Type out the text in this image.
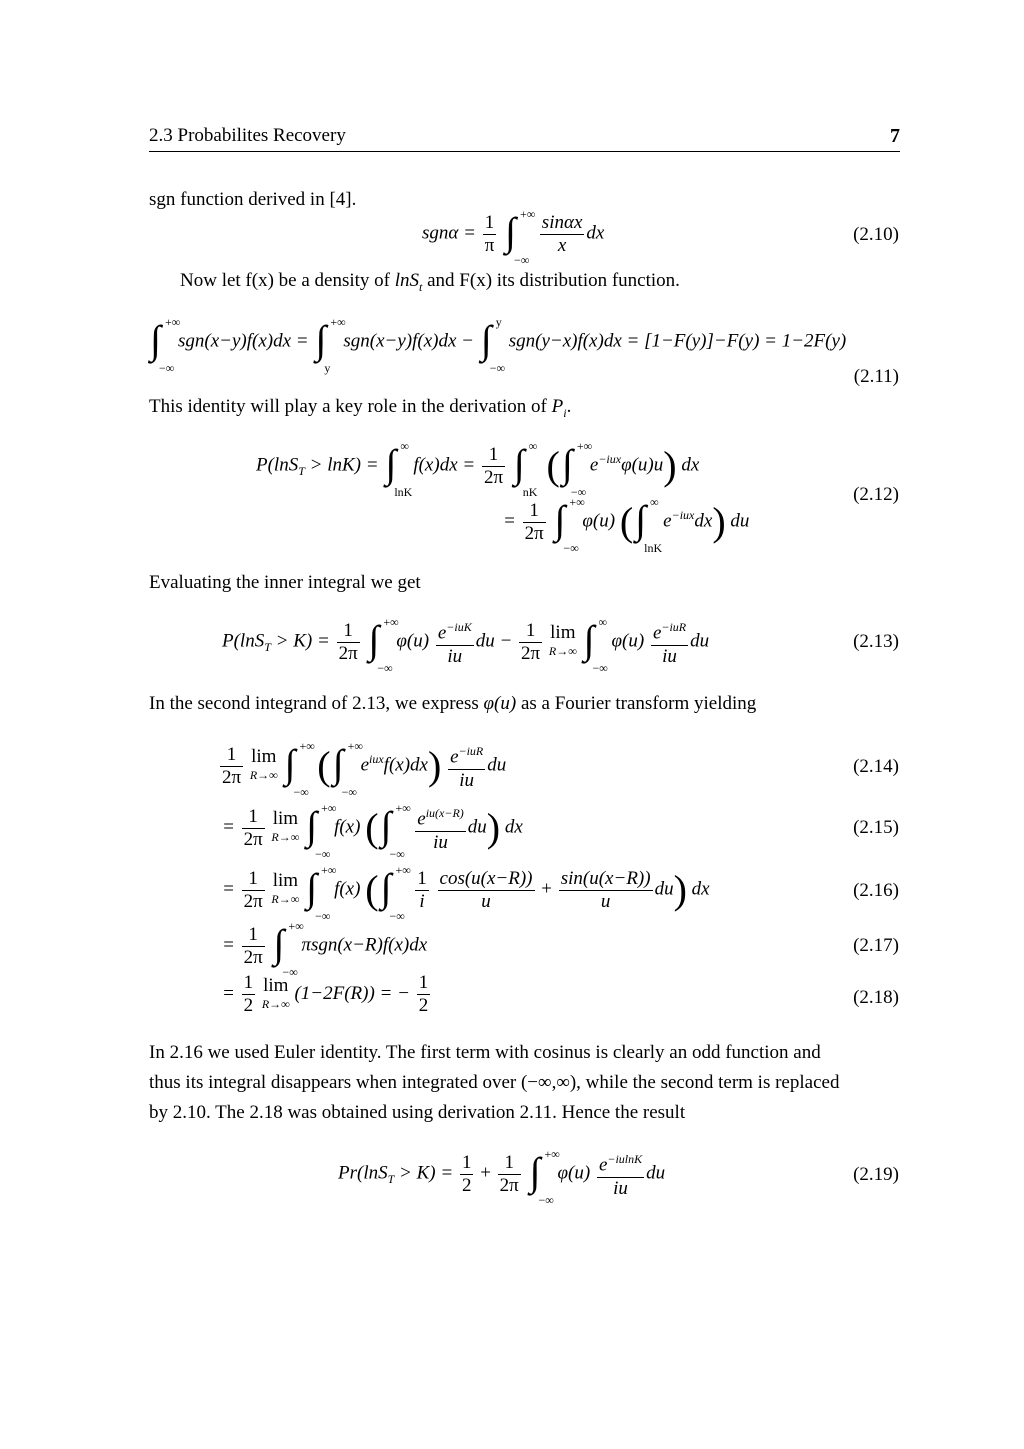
2.3 Probabilites Recovery	7
sgn function derived in [4].
$sgn\alpha = \frac{1}{\pi}$
∫ +∞
−∞

$\frac{\sin\alpha x}{x}$ dx	(2.10)
Now let f(x) be a density of lnS$_t$ and F(x) its distribution function.
∫ +∞
−∞
sgn(x−y)f(x)dx = ∫ +∞
y
sgn(x−y)f(x)dx − ∫ y
−∞
sgn(y−x)f(x)dx = [1−F(y)]−F(y) = 1−2F(y)
(2.11)
This identity will play a key role in the derivation of $P_i$.
P(lnS$_T$ > lnK) = ∫ ∞
lnK
$f(x)dx = \frac{1}{2\pi}$
∫ ∞
nK
( ∫ +∞
−∞
$e^{-iux}\varphi(u)u$) dx
= $\frac{1}{2\pi}$
∫ +∞
−∞
φ(u) ( ∫ ∞
lnK
$e^{-iux}dx$) du
(2.12)
Evaluating the inner integral we get
$P(\ln S_T > K) = \frac{1}{2\pi}$
∫ +∞
−∞
$\varphi(u) \frac{e^{-iuK}}{iu}$ du − $\frac{1}{2\pi}$ lim
R→∞
∫ ∞
−∞
$\varphi(u) \frac{e^{-iuR}}{iu}$ du	(2.13)
In the second integrand of 2.13, we express φ(u) as a Fourier transform yielding
$\frac{1}{2\pi}$ lim
R→∞
∫ +∞
−∞
( ∫ +∞
−∞
$e^{iux}f(x)dx) \frac{e^{-iuR}}{iu}$ du	(2.14)
= $\frac{1}{2\pi}$ lim
R→∞
∫ +∞
−∞
f(x) ( ∫ +∞
−∞

$\frac{e^{iu(x-R)}}{iu} du$) dx	(2.15)
= $\frac{1}{2\pi}$ lim
R→∞
∫ +∞
−∞
f(x) ( ∫ +∞
−∞

$\frac{1}{i}$
$\frac{\cos(u(x-R))}{u} + \frac{\sin(u(x-R))}{u} du$) dx	(2.16)
= $\frac{1}{2\pi}$
∫ +∞
−∞
πsgn(x−R)f(x)dx	(2.17)
= $\frac{1}{2}$ lim
R→∞ (1−2F(R)) = − $\frac{1}{2}$	(2.18)
In 2.16 we used Euler identity. The first term with cosinus is clearly an odd function and
thus its integral disappears when integrated over (−∞,∞), while the second term is replaced
by 2.10. The 2.18 was obtained using derivation 2.11. Hence the result
$Pr(\ln S_T > K) = \frac{1}{2} + \frac{1}{2\pi}$
∫ +∞
−∞
$\varphi(u) \frac{e^{-iulnK}}{iu}$ du	(2.19)
